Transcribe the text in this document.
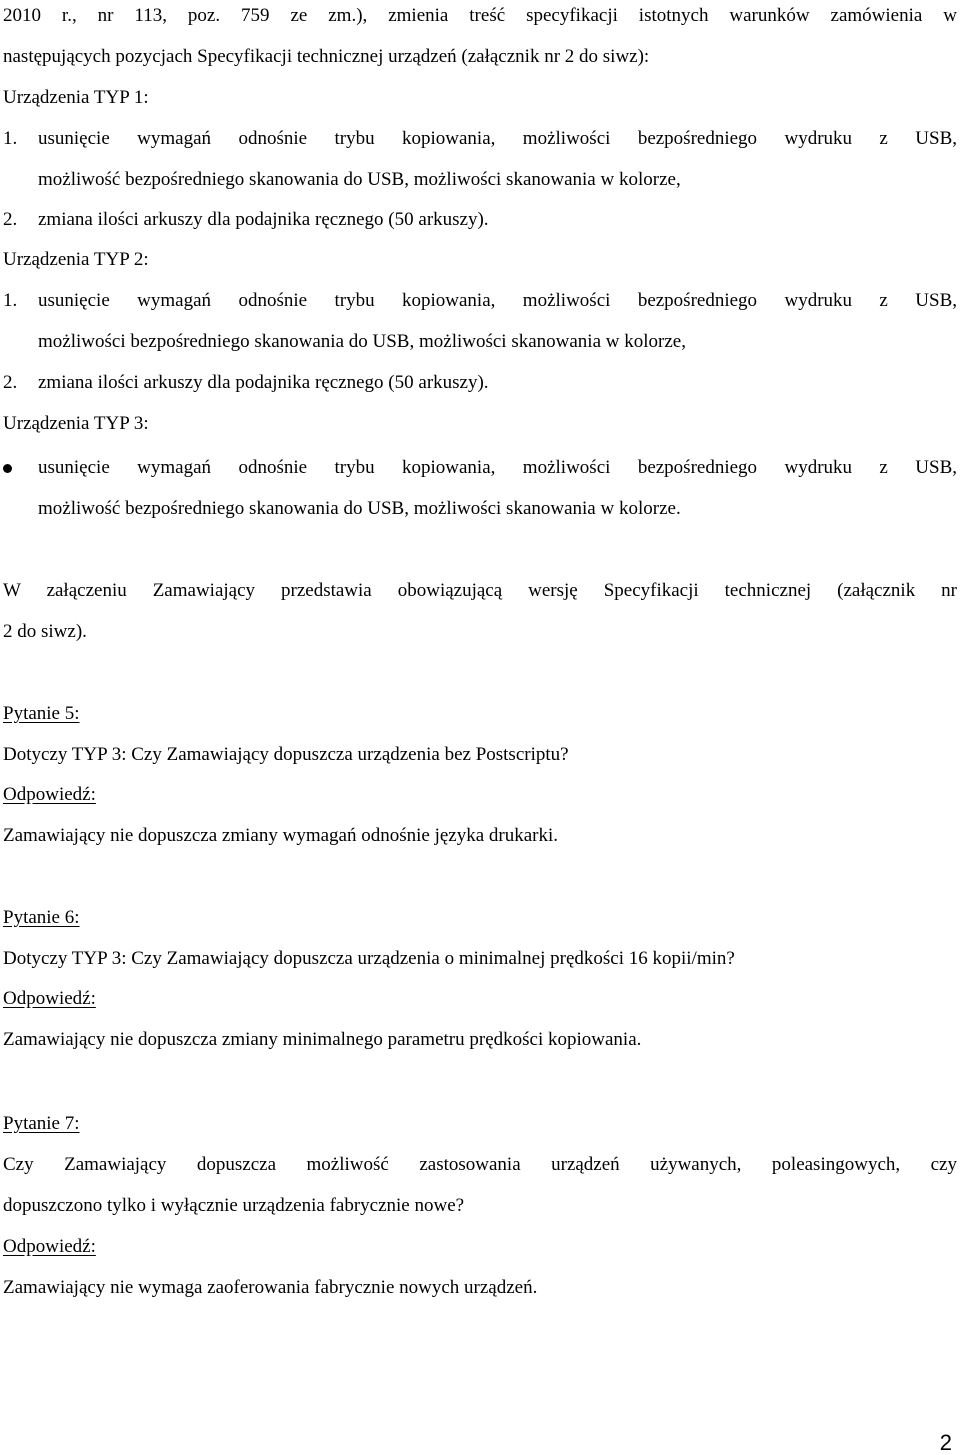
2010 r., nr 113, poz. 759 ze zm.), zmienia treść specyfikacji istotnych warunków zamówienia w
następujących pozycjach Specyfikacji technicznej urządzeń (załącznik nr 2 do siwz):
Urządzenia TYP 1:
1. usunięcie wymagań odnośnie trybu kopiowania, możliwości bezpośredniego wydruku z USB,
możliwość bezpośredniego skanowania do USB, możliwości skanowania w kolorze,
2. zmiana ilości arkuszy dla podajnika ręcznego (50 arkuszy).
Urządzenia TYP 2:
1. usunięcie wymagań odnośnie trybu kopiowania, możliwości bezpośredniego wydruku z USB,
możliwości bezpośredniego skanowania do USB, możliwości skanowania w kolorze,
2. zmiana ilości arkuszy dla podajnika ręcznego (50 arkuszy).
Urządzenia TYP 3:
usunięcie wymagań odnośnie trybu kopiowania, możliwości bezpośredniego wydruku z USB,
możliwość bezpośredniego skanowania do USB, możliwości skanowania w kolorze.
W załączeniu Zamawiający przedstawia obowiązującą wersję Specyfikacji technicznej (załącznik nr
2 do siwz).
Pytanie 5:
Dotyczy TYP 3: Czy Zamawiający dopuszcza urządzenia bez Postscriptu?
Odpowiedź:
Zamawiający nie dopuszcza zmiany wymagań odnośnie języka drukarki.
Pytanie 6:
Dotyczy TYP 3: Czy Zamawiający dopuszcza urządzenia o minimalnej prędkości 16 kopii/min?
Odpowiedź:
Zamawiający nie dopuszcza zmiany minimalnego parametru prędkości kopiowania.
Pytanie 7:
Czy Zamawiający dopuszcza możliwość zastosowania urządzeń używanych, poleasingowych, czy
dopuszczono tylko i wyłącznie urządzenia fabrycznie nowe?
Odpowiedź:
Zamawiający nie wymaga zaoferowania fabrycznie nowych urządzeń.
2
